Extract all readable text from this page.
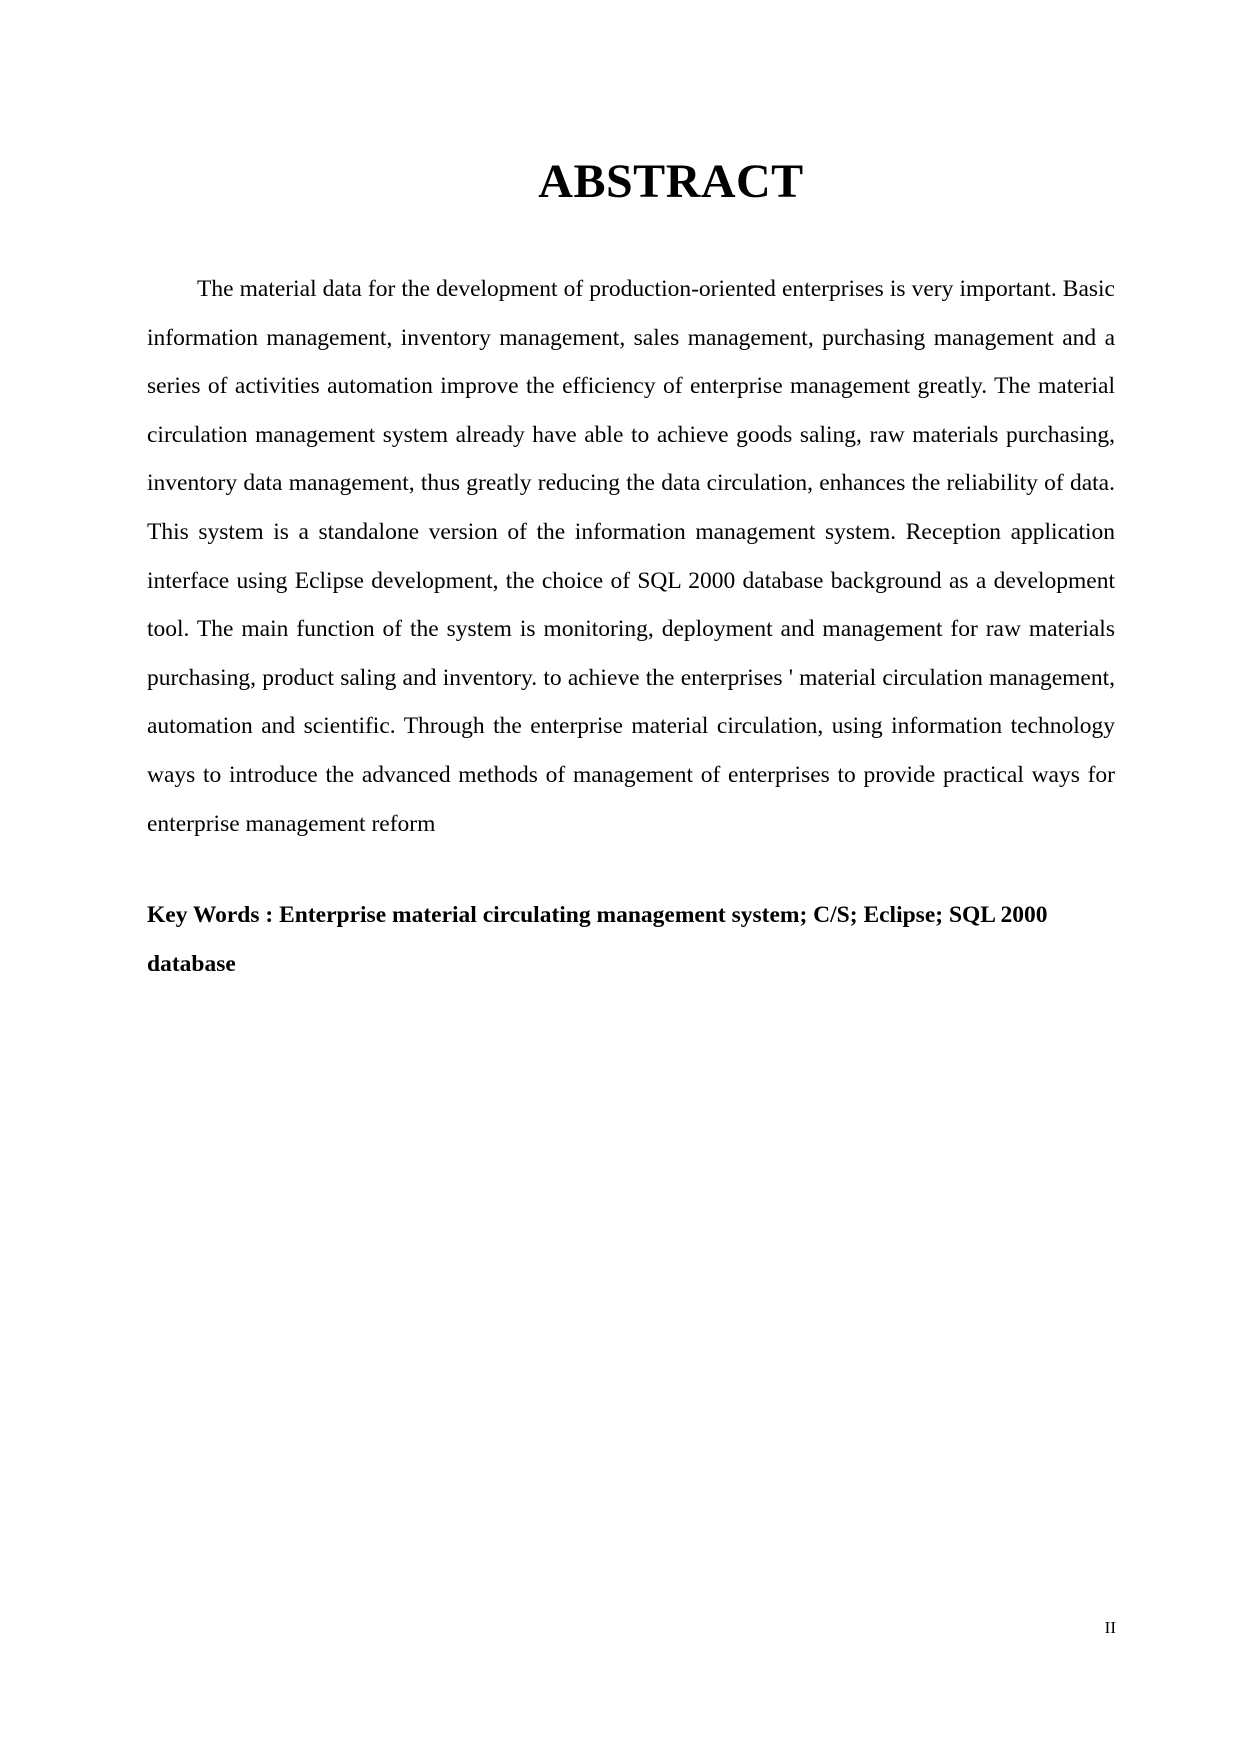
ABSTRACT

The material data for the development of production-oriented enterprises is very important. Basic information management, inventory management, sales management, purchasing management and a series of activities automation improve the efficiency of enterprise management greatly. The material circulation management system already have able to achieve goods saling, raw materials purchasing, inventory data management, thus greatly reducing the data circulation, enhances the reliability of data. This system is a standalone version of the information management system. Reception application interface using Eclipse development, the choice of SQL 2000 database background as a development tool. The main function of the system is monitoring, deployment and management for raw materials purchasing, product saling and inventory. to achieve the enterprises ' material circulation management, automation and scientific. Through the enterprise material circulation, using information technology ways to introduce the advanced methods of management of enterprises to provide practical ways for enterprise management reform

Key Words : Enterprise material circulating management system; C/S; Eclipse; SQL 2000 database

II
